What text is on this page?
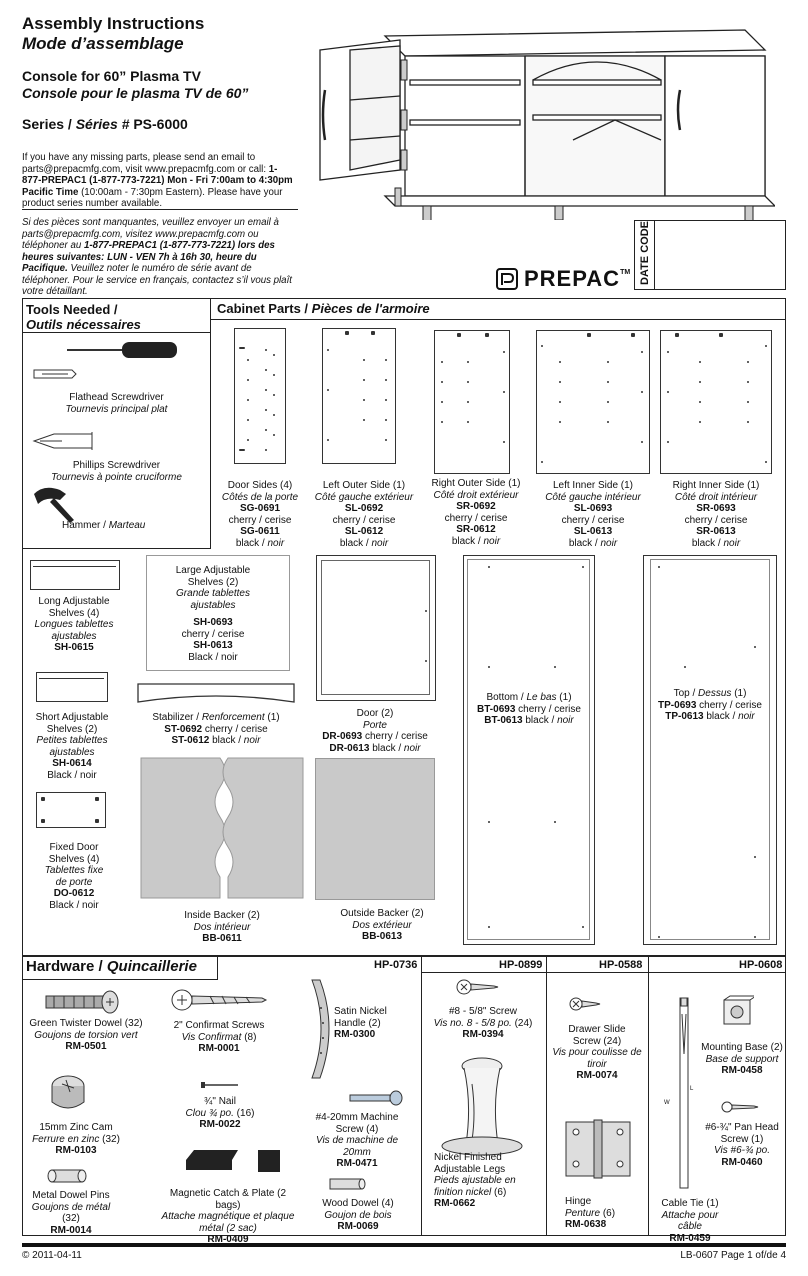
Assembly Instructions
Mode d’assemblage
Console for 60” Plasma TV
Console pour le plasma TV de 60”
Series / Séries # PS-6000
If you have any missing parts, please send an email to parts@prepacmfg.com, visit www.prepacmfg.com or call: 1-877-PREPAC1 (1-877-773-7221) Mon - Fri 7:00am to 4:30pm Pacific Time (10:00am - 7:30pm Eastern). Please have your product series number available.
Si des pièces sont manquantes, veuillez envoyer un email à parts@prepacmfg.com, visitez www.prepacmfg.com ou téléphoner au 1-877-PREPAC1 (1-877-773-7221) lors des heures suivantes: LUN - VEN 7h à 16h 30, heure du Pacifique. Veuillez noter le numéro de série avant de téléphoner. Pour le service en français, contactez s’il vous plaît votre détaillant.
PREPAC TM DATE CODE
Tools Needed /
Outils nécessaires
Flathead Screwdriver
Tournevis principal plat
Phillips Screwdriver
Tournevis à pointe cruciforme
Hammer / Marteau
Cabinet Parts / Pièces de l'armoire
Door Sides (4)
Côtés de la porte
SG-0691
cherry / cerise
SG-0611
black / noir
Left Outer Side (1)
Côté gauche extérieur
SL-0692
cherry / cerise
SL-0612
black / noir
Right Outer Side (1)
Côté droit extérieur
SR-0692
cherry / cerise
SR-0612
black / noir
Left Inner Side (1)
Côté gauche intérieur
SL-0693
cherry / cerise
SL-0613
black / noir
Right Inner Side (1)
Côté droit intérieur
SR-0693
cherry / cerise
SR-0613
black / noir
Long Adjustable
Shelves (4)
Longues tablettes
ajustables
SH-0615
Large Adjustable
Shelves (2)
Grande tablettes
ajustables
SH-0693
cherry / cerise
SH-0613
Black / noir
Door (2)
Porte
DR-0693 cherry / cerise
DR-0613 black / noir
Bottom / Le bas (1)
BT-0693 cherry / cerise
BT-0613 black / noir
Top / Dessus (1)
TP-0693 cherry / cerise
TP-0613 black / noir
Short Adjustable
Shelves (2)
Petites tablettes
ajustables
SH-0614
Black / noir
Stabilizer / Renforcement (1)
ST-0692 cherry / cerise
ST-0612 black / noir
Fixed Door
Shelves (4)
Tablettes fixe
de porte
DO-0612
Black / noir
Inside Backer (2)
Dos intérieur
BB-0611
Outside Backer (2)
Dos extérieur
BB-0613
Hardware / Quincaillerie	HP-0736	HP-0899	HP-0588	HP-0608
Green Twister Dowel (32)
Goujons de torsion vert
RM-0501
15mm Zinc Cam
Ferrure en zinc (32)
RM-0103
Metal Dowel Pins
Goujons de métal
(32)
RM-0014
2" Confirmat Screws
Vis Confirmat (8)
RM-0001
¾" Nail
Clou ¾ po. (16)
RM-0022
Magnetic Catch & Plate (2 bags)
Attache magnétique et plaque métal (2 sac)
RM-0409
Satin Nickel
Handle (2)
RM-0300
#4-20mm Machine
Screw (4)
Vis de machine de 20mm
RM-0471
Wood Dowel (4)
Goujon de bois
RM-0069
#8 - 5/8" Screw
Vis no. 8 - 5/8 po. (24)
RM-0394
Nickel Finished
Adjustable Legs
Pieds ajustable en finition nickel (6)
RM-0662
Drawer Slide
Screw (24)
Vis pour coulisse de tiroir
RM-0074
Hinge
Penture (6)
RM-0638
Mounting Base (2)
Base de support
RM-0458
#6-¾" Pan Head
Screw (1)
Vis #6-¾ po.
RM-0460
W
L
Cable Tie (1)
Attache pour câble
RM-0459
© 2011-04-11	LB-0607 Page 1 of/de 4
